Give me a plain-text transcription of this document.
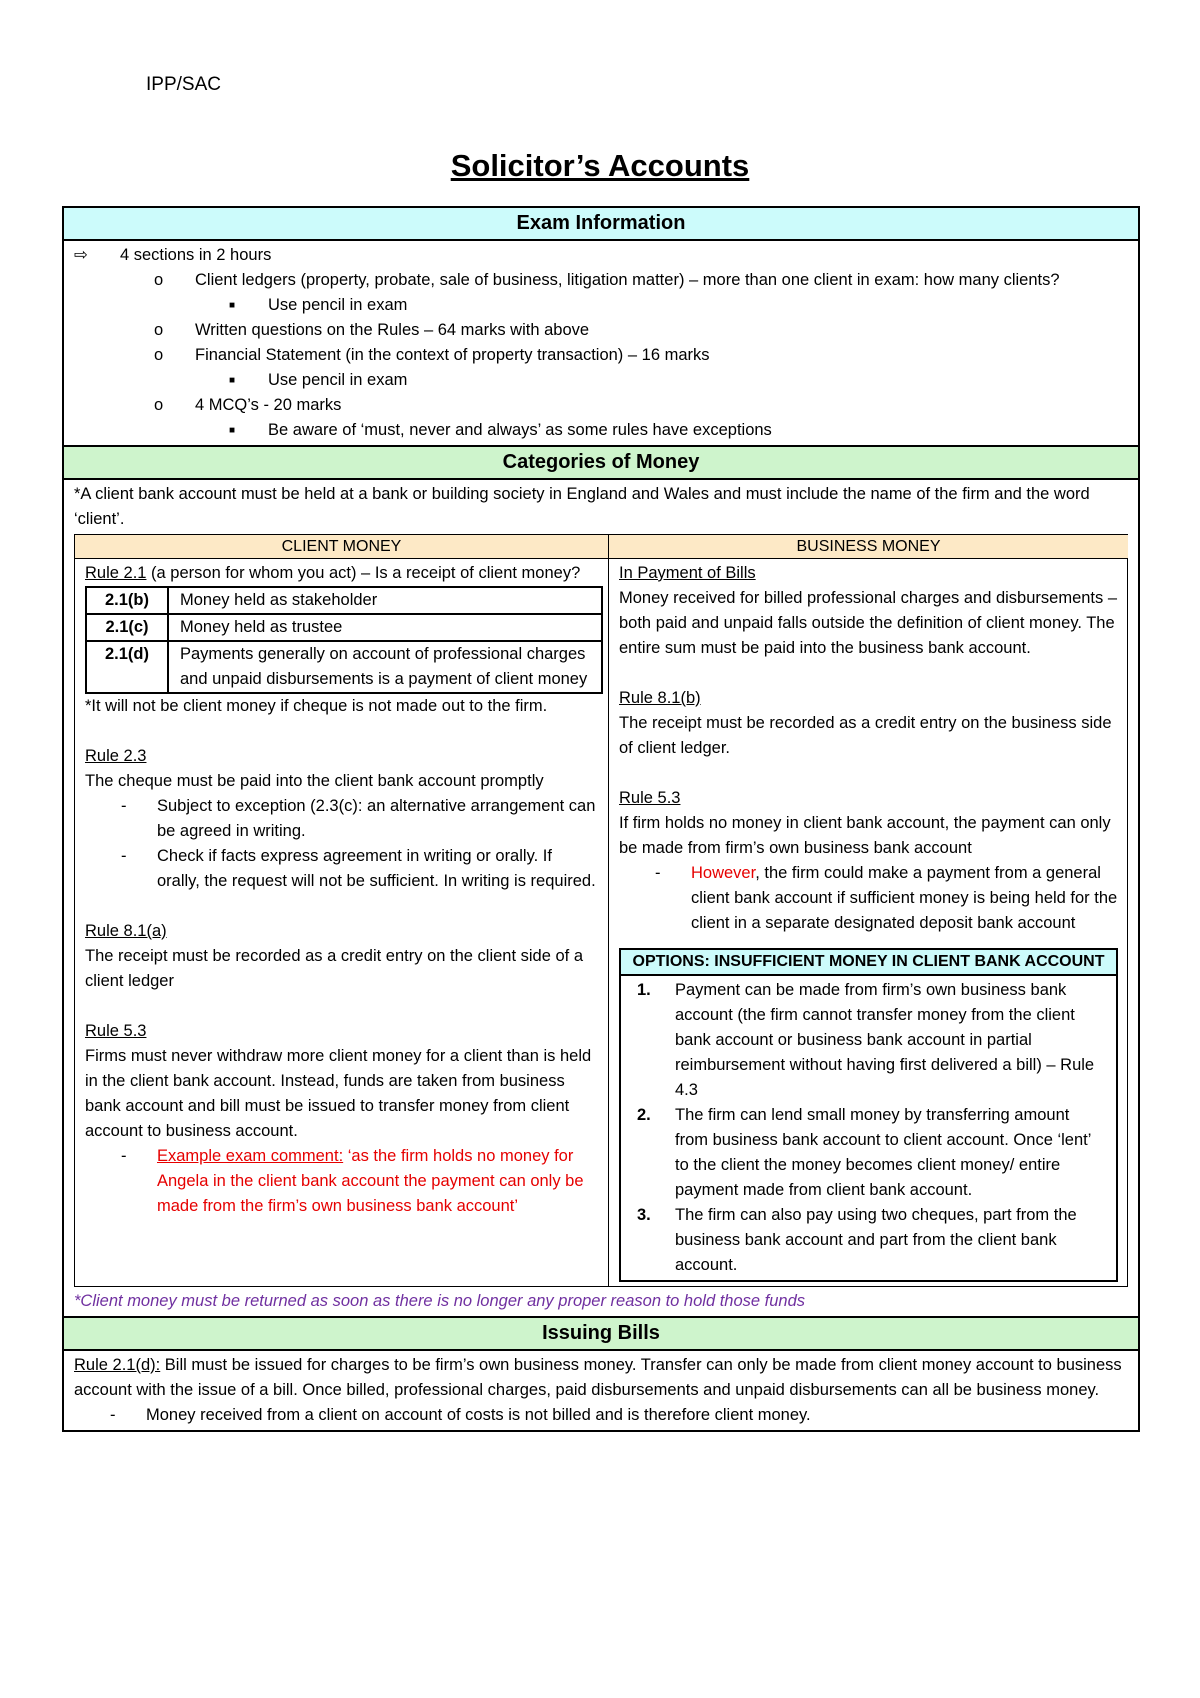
IPP/SAC
Solicitor’s Accounts
Exam Information
⇨ 4 sections in 2 hours
o Client ledgers (property, probate, sale of business, litigation matter) – more than one client in exam: how many clients?
■ Use pencil in exam
o Written questions on the Rules – 64 marks with above
o Financial Statement (in the context of property transaction) – 16 marks
■ Use pencil in exam
o 4 MCQ’s - 20 marks
■ Be aware of ‘must, never and always’ as some rules have exceptions
Categories of Money
*A client bank account must be held at a bank or building society in England and Wales and must include the name of the firm and the word ‘client’.
CLIENT MONEY
Rule 2.1 (a person for whom you act) – Is a receipt of client money?
2.1(b)	Money held as stakeholder
2.1(c)	Money held as trustee
2.1(d)	Payments generally on account of professional charges and unpaid disbursements is a payment of client money
*It will not be client money if cheque is not made out to the firm.
Rule 2.3
The cheque must be paid into the client bank account promptly
- Subject to exception (2.3(c): an alternative arrangement can be agreed in writing.
- Check if facts express agreement in writing or orally. If orally, the request will not be sufficient. In writing is required.
Rule 8.1(a)
The receipt must be recorded as a credit entry on the client side of a client ledger
Rule 5.3
Firms must never withdraw more client money for a client than is held in the client bank account. Instead, funds are taken from business bank account and bill must be issued to transfer money from client account to business account.
- Example exam comment: ‘as the firm holds no money for Angela in the client bank account the payment can only be made from the firm’s own business bank account’
BUSINESS MONEY
In Payment of Bills
Money received for billed professional charges and disbursements – both paid and unpaid falls outside the definition of client money. The entire sum must be paid into the business bank account.
Rule 8.1(b)
The receipt must be recorded as a credit entry on the business side of client ledger.
Rule 5.3
If firm holds no money in client bank account, the payment can only be made from firm’s own business bank account
- However, the firm could make a payment from a general client bank account if sufficient money is being held for the client in a separate designated deposit bank account
OPTIONS: INSUFFICIENT MONEY IN CLIENT BANK ACCOUNT
1. Payment can be made from firm’s own business bank account (the firm cannot transfer money from the client bank account or business bank account in partial reimbursement without having first delivered a bill) – Rule 4.3
2. The firm can lend small money by transferring amount from business bank account to client account. Once ‘lent’ to the client the money becomes client money/ entire payment made from client bank account.
3. The firm can also pay using two cheques, part from the business bank account and part from the client bank account.
*Client money must be returned as soon as there is no longer any proper reason to hold those funds
Issuing Bills
Rule 2.1(d): Bill must be issued for charges to be firm’s own business money. Transfer can only be made from client money account to business account with the issue of a bill. Once billed, professional charges, paid disbursements and unpaid disbursements can all be business money.
- Money received from a client on account of costs is not billed and is therefore client money.
